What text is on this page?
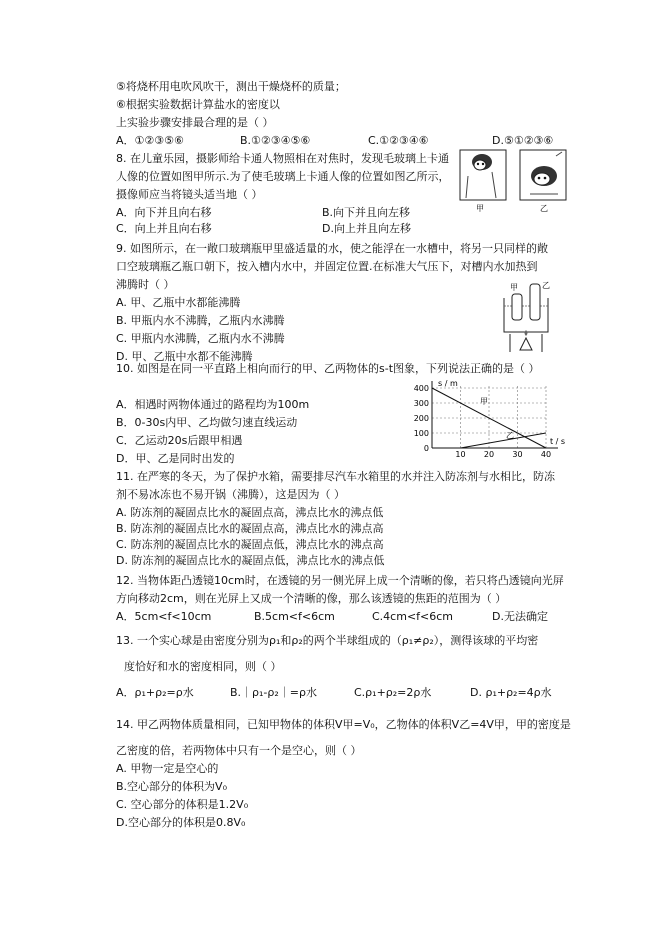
⑤将烧杯用电吹风吹干，测出干燥烧杯的质量；
⑥根据实验数据计算盐水的密度以
上实验步骤安排最合理的是（ ）
A．①②③⑤⑥	B.①②③④⑤⑥	C.①②③④⑥	D.⑤①②③⑥
8. 在儿童乐园，摄影师给卡通人物照相在对焦时，发现毛玻璃上卡通
人像的位置如图甲所示.为了使毛玻璃上卡通人像的位置如图乙所示，
摄像师应当将镜头适当地（ ）
A．向下并且向右移	B.向下并且向左移
C．向上并且向右移	D.向上并且向左移
甲	乙
9. 如图所示，在一敞口玻璃瓶甲里盛适量的水，使之能浮在一水槽中，将另一只同样的敞
口空玻璃瓶乙瓶口朝下，按入槽内水中，并固定位置.在标准大气压下，对槽内水加热到
沸腾时（ ）
A. 甲、乙瓶中水都能沸腾
B. 甲瓶内水不沸腾，乙瓶内水沸腾
C. 甲瓶内水沸腾，乙瓶内水不沸腾
D. 甲、乙瓶中水都不能沸腾
甲	乙
10. 如图是在同一平直路上相向而行的甲、乙两物体的s-t图象，下列说法正确的是（ ）
A．相遇时两物体通过的路程均为100m
B．0-30s内甲、乙均做匀速直线运动
C．乙运动20s后跟甲相遇
D．甲、乙是同时出发的
甲
乙
s / m
t / s
400
300
200
100
0
10 20 30 40
11. 在严寒的冬天，为了保护水箱，需要排尽汽车水箱里的水并注入防冻剂与水相比，防冻
剂不易冰冻也不易开锅（沸腾），这是因为（ ）
A. 防冻剂的凝固点比水的凝固点高，沸点比水的沸点低
B. 防冻剂的凝固点比水的凝固点高，沸点比水的沸点高
C. 防冻剂的凝固点比水的凝固点低，沸点比水的沸点高
D. 防冻剂的凝固点比水的凝固点低，沸点比水的沸点低
12. 当物体距凸透镜10cm时，在透镜的另一侧光屏上成一个清晰的像，若只将凸透镜向光屏
方向移动2cm，则在光屏上又成一个清晰的像，那么该透镜的焦距的范围为（ ）
A．5cm<f<10cm	B.5cm<f<6cm	C.4cm<f<6cm	D.无法确定
13. 一个实心球是由密度分别为ρ₁和ρ₂的两个半球组成的（ρ₁≠ρ₂），测得该球的平均密
度恰好和水的密度相同，则（ ）
A．ρ₁+ρ₂=ρ水	B.｜ρ₁-ρ₂｜=ρ水	C.ρ₁+ρ₂=2ρ水	D. ρ₁+ρ₂=4ρ水
14. 甲乙两物体质量相同，已知甲物体的体积V甲=V₀，乙物体的体积V乙=4V甲，甲的密度是
乙密度的倍，若两物体中只有一个是空心，则（ ）
A. 甲物一定是空心的
B.空心部分的体积为V₀
C. 空心部分的体积是1.2V₀
D.空心部分的体积是0.8V₀
